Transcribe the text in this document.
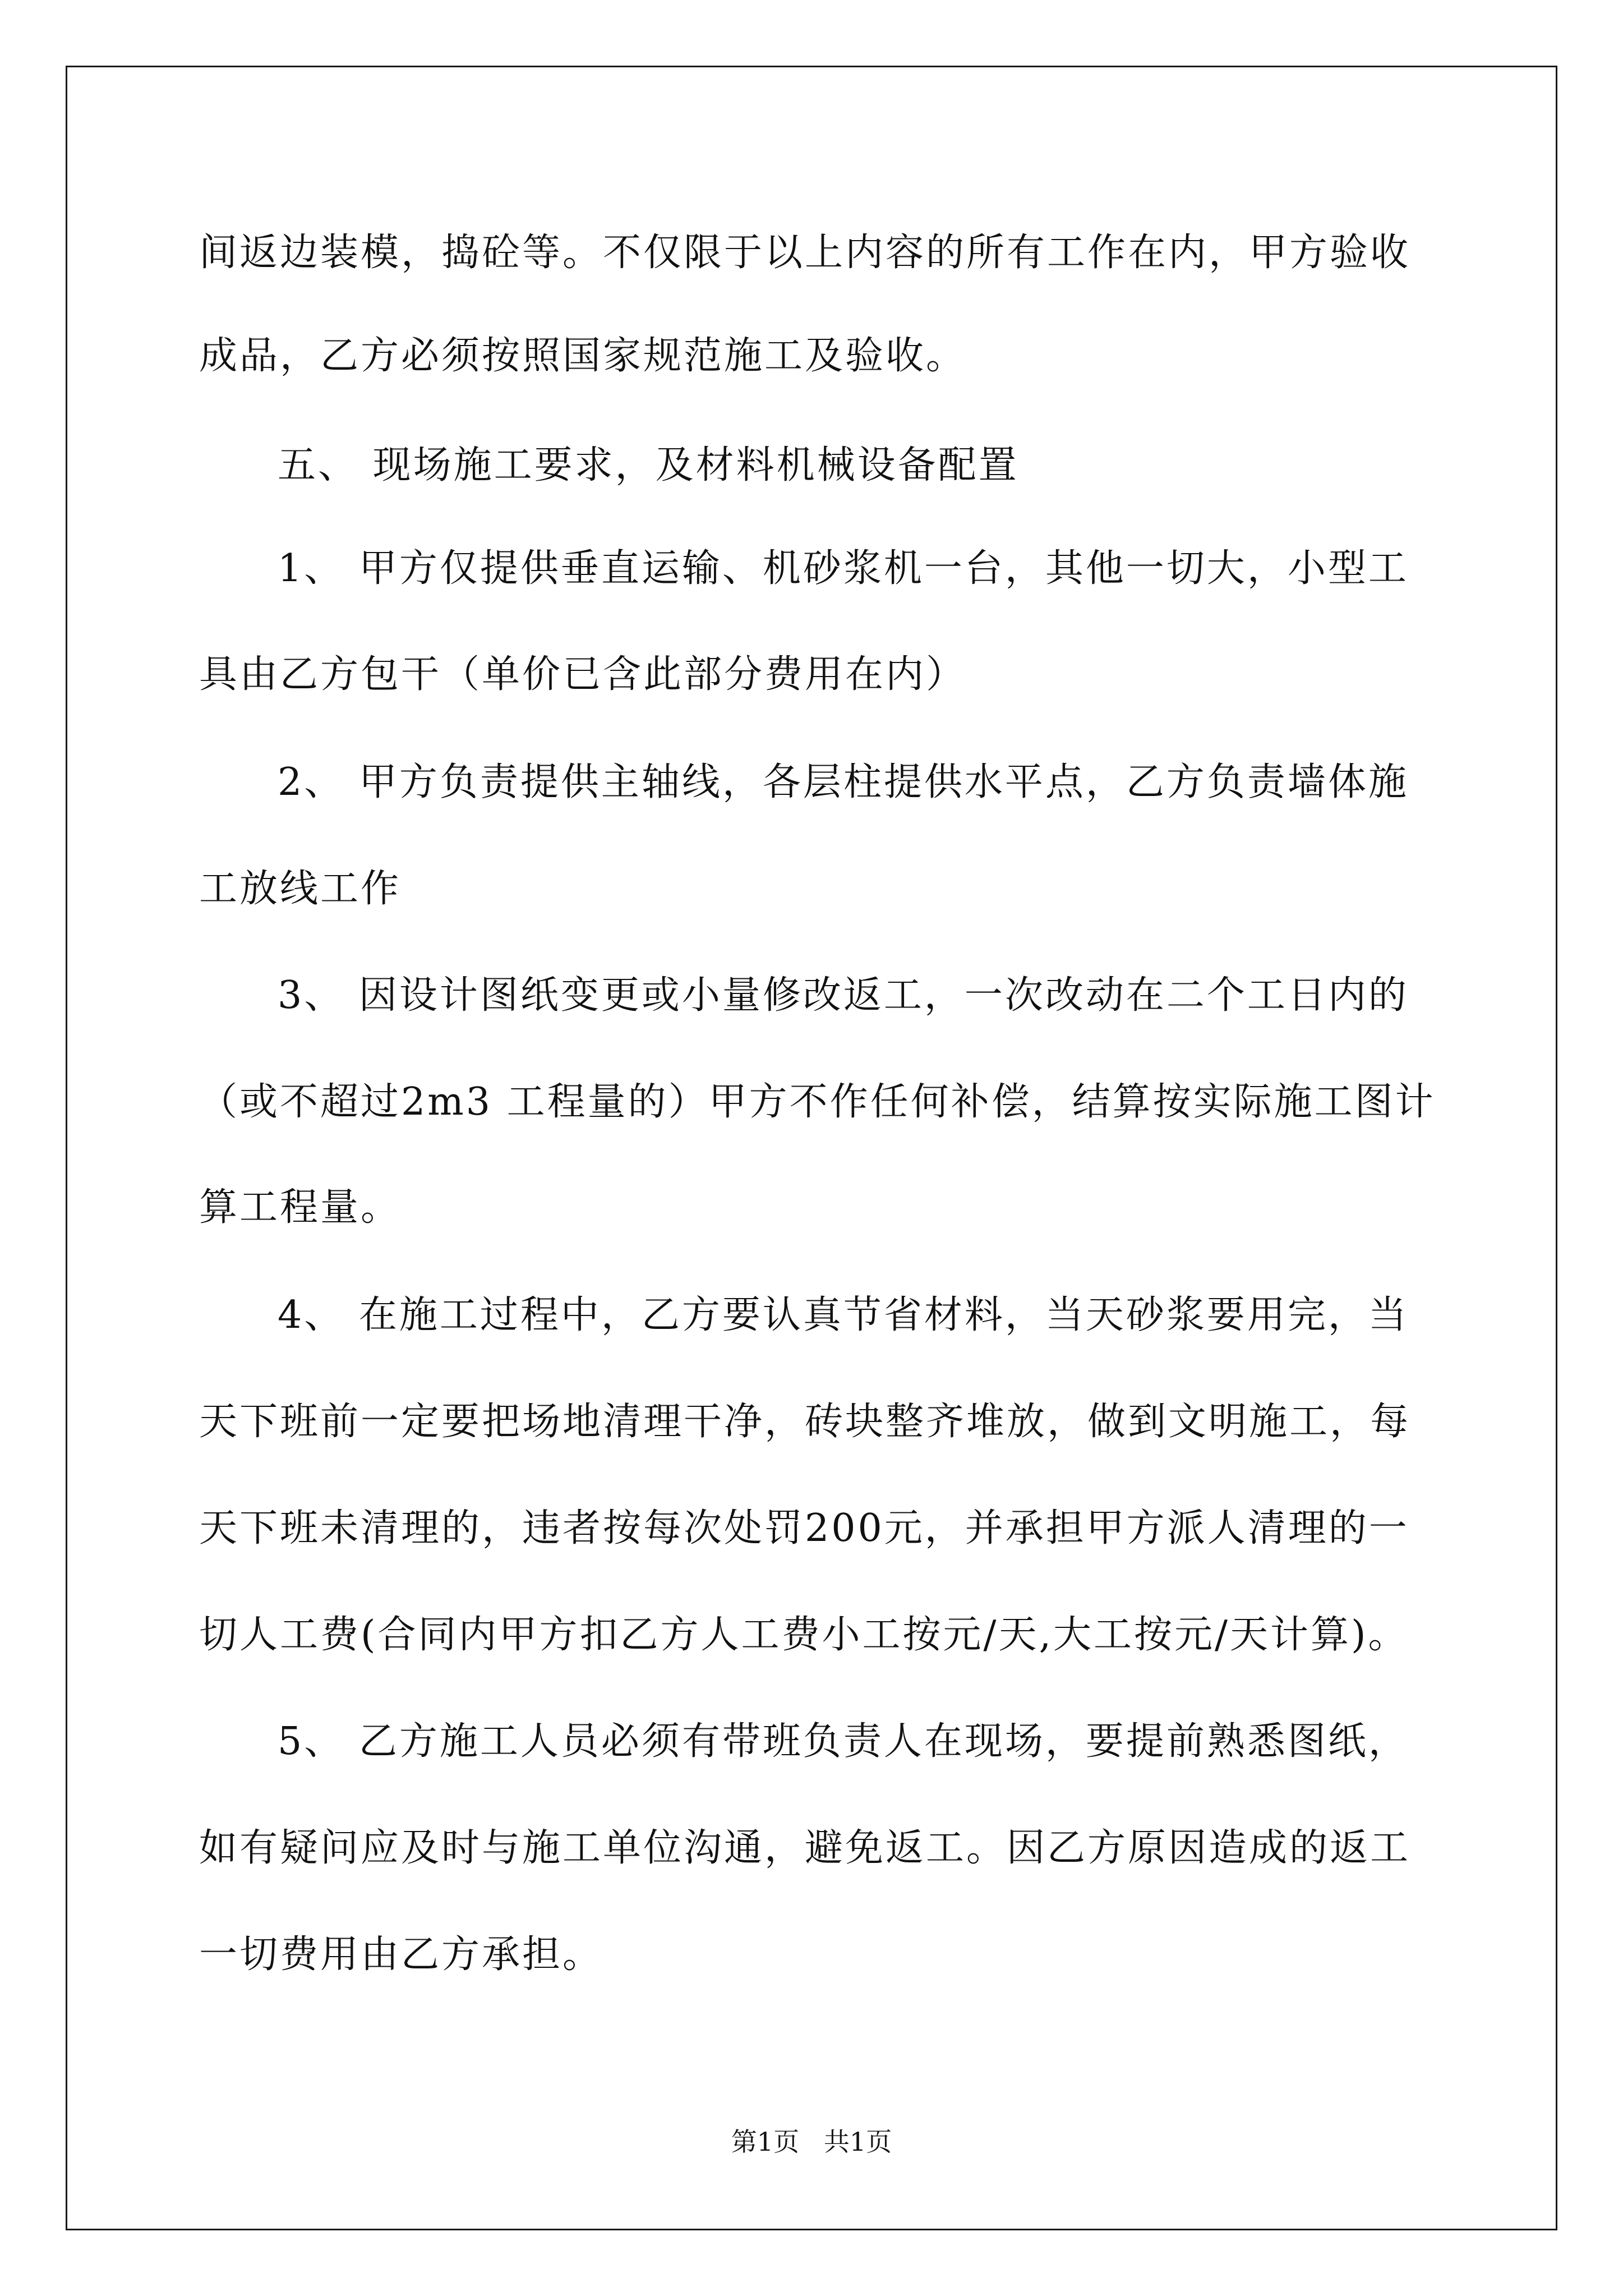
间返边装模，捣砼等。不仅限于以上内容的所有工作在内，甲方验收
成品，乙方必须按照国家规范施工及验收。
五、 现场施工要求，及材料机械设备配置
1、 甲方仅提供垂直运输、机砂浆机一台，其他一切大，小型工
具由乙方包干（单价已含此部分费用在内）
2、 甲方负责提供主轴线，各层柱提供水平点，乙方负责墙体施
工放线工作
3、 因设计图纸变更或小量修改返工，一次改动在二个工日内的
（或不超过2m3 工程量的）甲方不作任何补偿，结算按实际施工图计
算工程量。
4、 在施工过程中，乙方要认真节省材料，当天砂浆要用完，当
天下班前一定要把场地清理干净，砖块整齐堆放，做到文明施工，每
天下班未清理的，违者按每次处罚200元，并承担甲方派人清理的一
切人工费(合同内甲方扣乙方人工费小工按元/天,大工按元/天计算)。
5、 乙方施工人员必须有带班负责人在现场，要提前熟悉图纸，
如有疑问应及时与施工单位沟通，避免返工。因乙方原因造成的返工
一切费用由乙方承担。
第1页   共1页
